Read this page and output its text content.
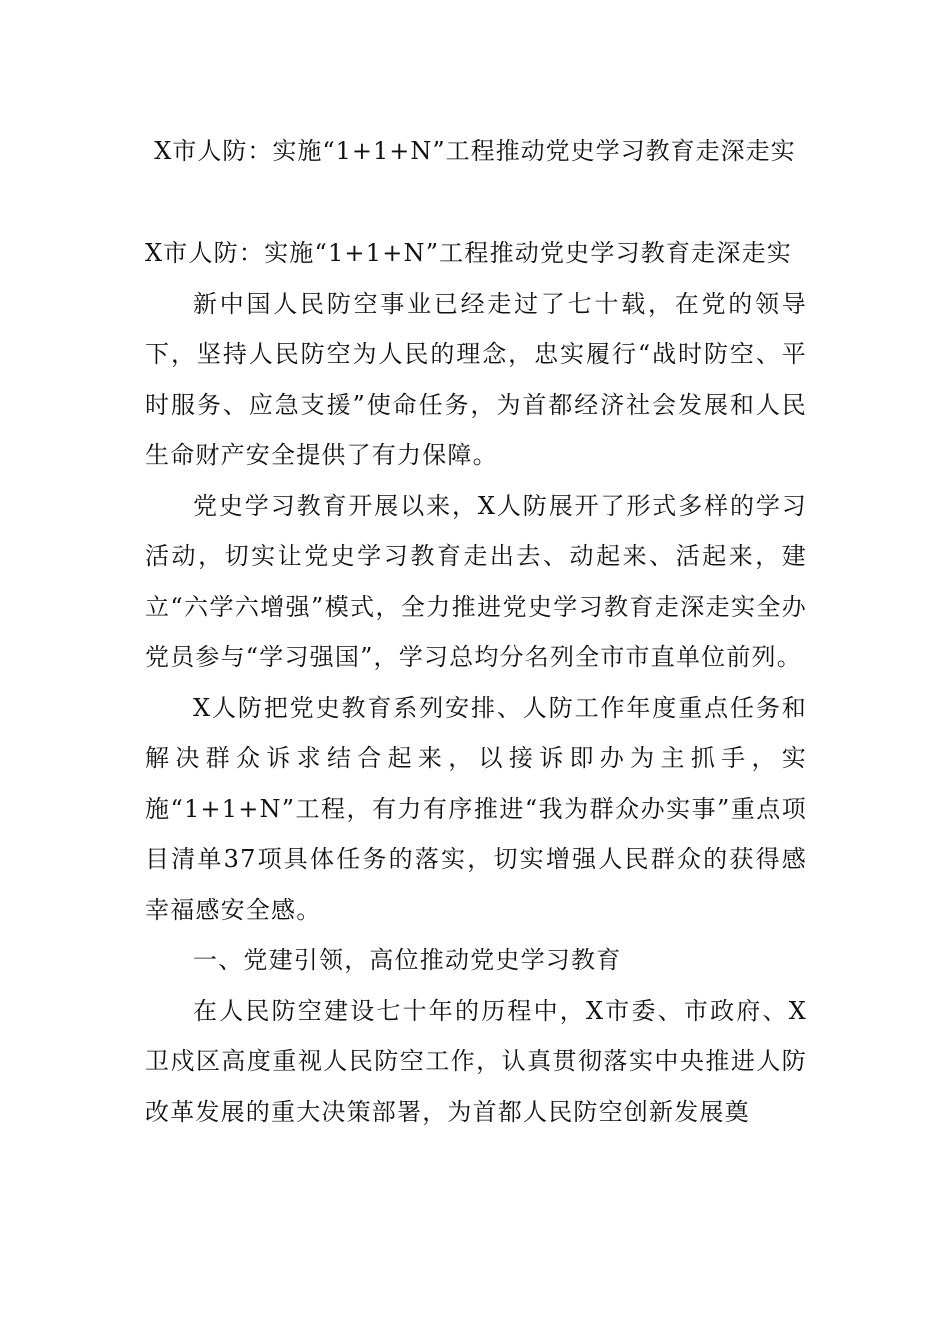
X市人防：实施“1+1+N”工程推动党史学习教育走深走实

X市人防：实施“1+1+N”工程推动党史学习教育走深走实

新中国人民防空事业已经走过了七十载，在党的领导下，坚持人民防空为人民的理念，忠实履行“战时防空、平时服务、应急支援”使命任务，为首都经济社会发展和人民生命财产安全提供了有力保障。

党史学习教育开展以来，X人防展开了形式多样的学习活动，切实让党史学习教育走出去、动起来、活起来，建立“六学六增强”模式，全力推进党史学习教育走深走实全办党员参与“学习强国”，学习总均分名列全市市直单位前列。

X人防把党史教育系列安排、人防工作年度重点任务和解决群众诉求结合起来，以接诉即办为主抓手，实施“1+1+N”工程，有力有序推进“我为群众办实事”重点项目清单37项具体任务的落实，切实增强人民群众的获得感幸福感安全感。

一、党建引领，高位推动党史学习教育

在人民防空建设七十年的历程中，X市委、市政府、X卫戍区高度重视人民防空工作，认真贯彻落实中央推进人防改革发展的重大决策部署，为首都人民防空创新发展奠
